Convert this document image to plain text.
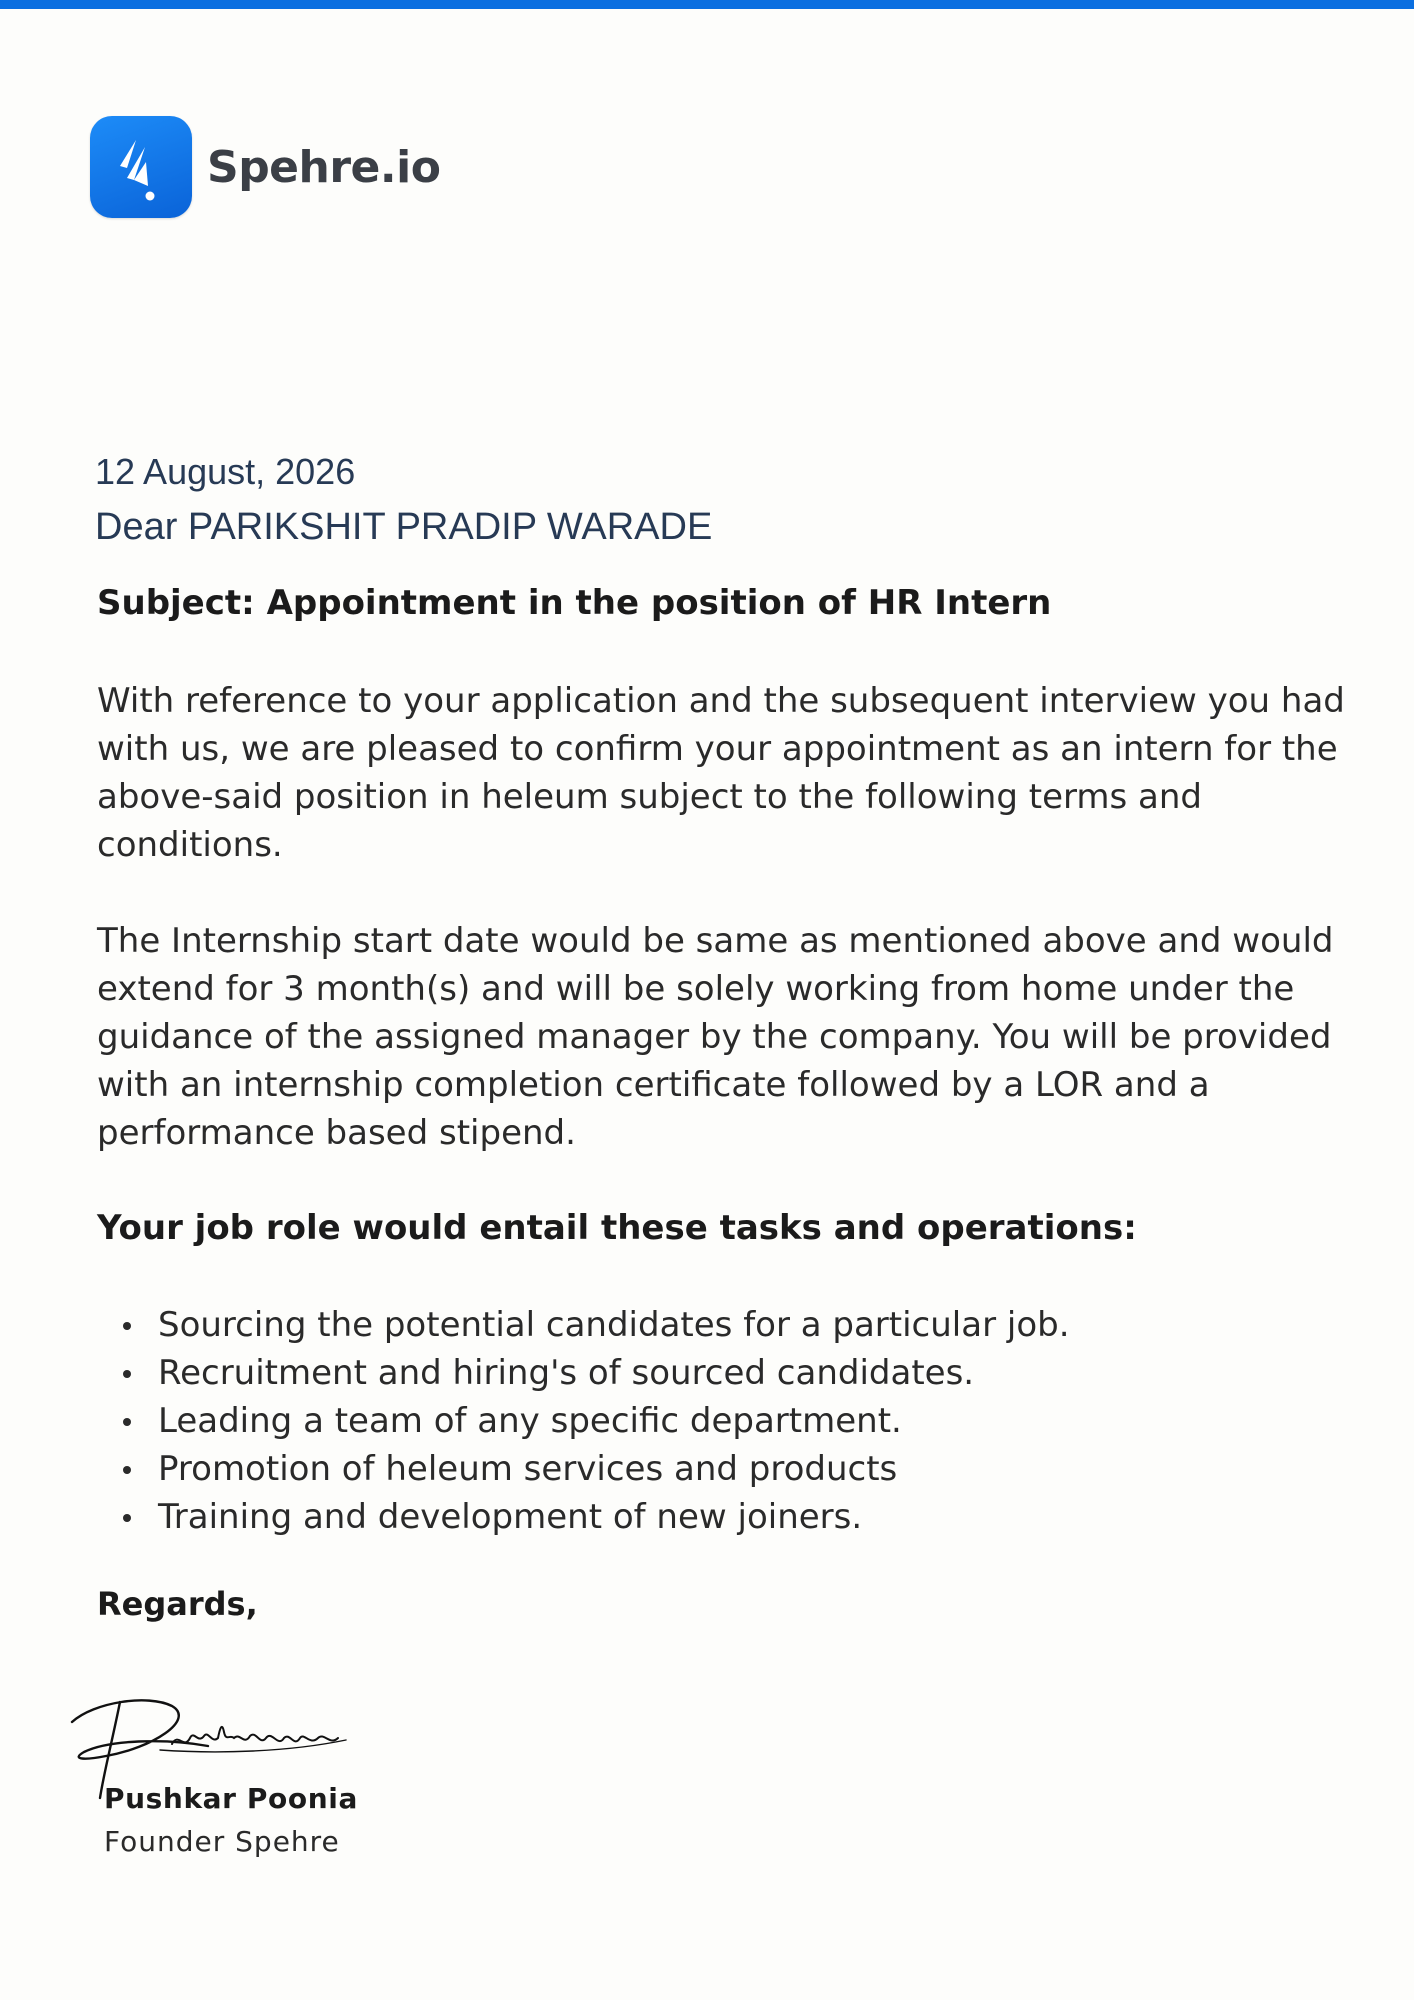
Spehre.io
12 August, 2026
Dear PARIKSHIT PRADIP WARADE
Subject: Appointment in the position of HR Intern

With reference to your application and the subsequent interview you had with us, we are pleased to confirm your appointment as an intern for the above-said position in heleum subject to the following terms and conditions.

The Internship start date would be same as mentioned above and would extend for 3 month(s) and will be solely working from home under the guidance of the assigned manager by the company. You will be provided with an internship completion certificate followed by a LOR and a performance based stipend.

Your job role would entail these tasks and operations:
Sourcing the potential candidates for a particular job.
Recruitment and hiring's of sourced candidates.
Leading a team of any specific department.
Promotion of heleum services and products
Training and development of new joiners.
Regards,
Pushkar Poonia
Founder Spehre
